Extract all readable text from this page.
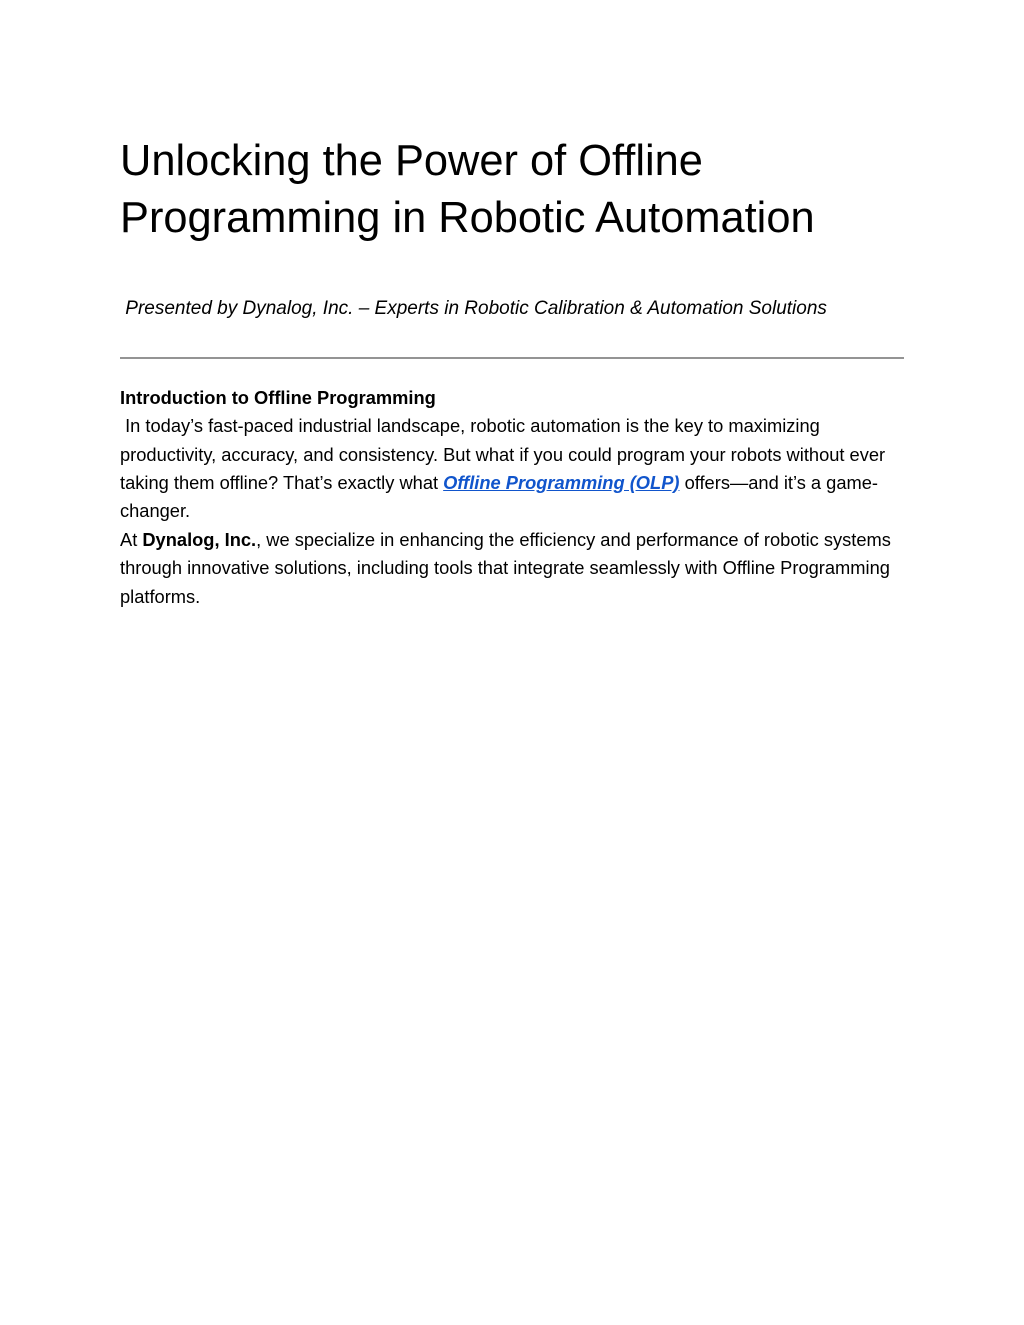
Unlocking the Power of Offline Programming in Robotic Automation

Presented by Dynalog, Inc. – Experts in Robotic Calibration & Automation Solutions

Introduction to Offline Programming

In today’s fast-paced industrial landscape, robotic automation is the key to maximizing productivity, accuracy, and consistency. But what if you could program your robots without ever taking them offline? That’s exactly what Offline Programming (OLP) offers—and it’s a game-changer.

At Dynalog, Inc., we specialize in enhancing the efficiency and performance of robotic systems through innovative solutions, including tools that integrate seamlessly with Offline Programming platforms.
